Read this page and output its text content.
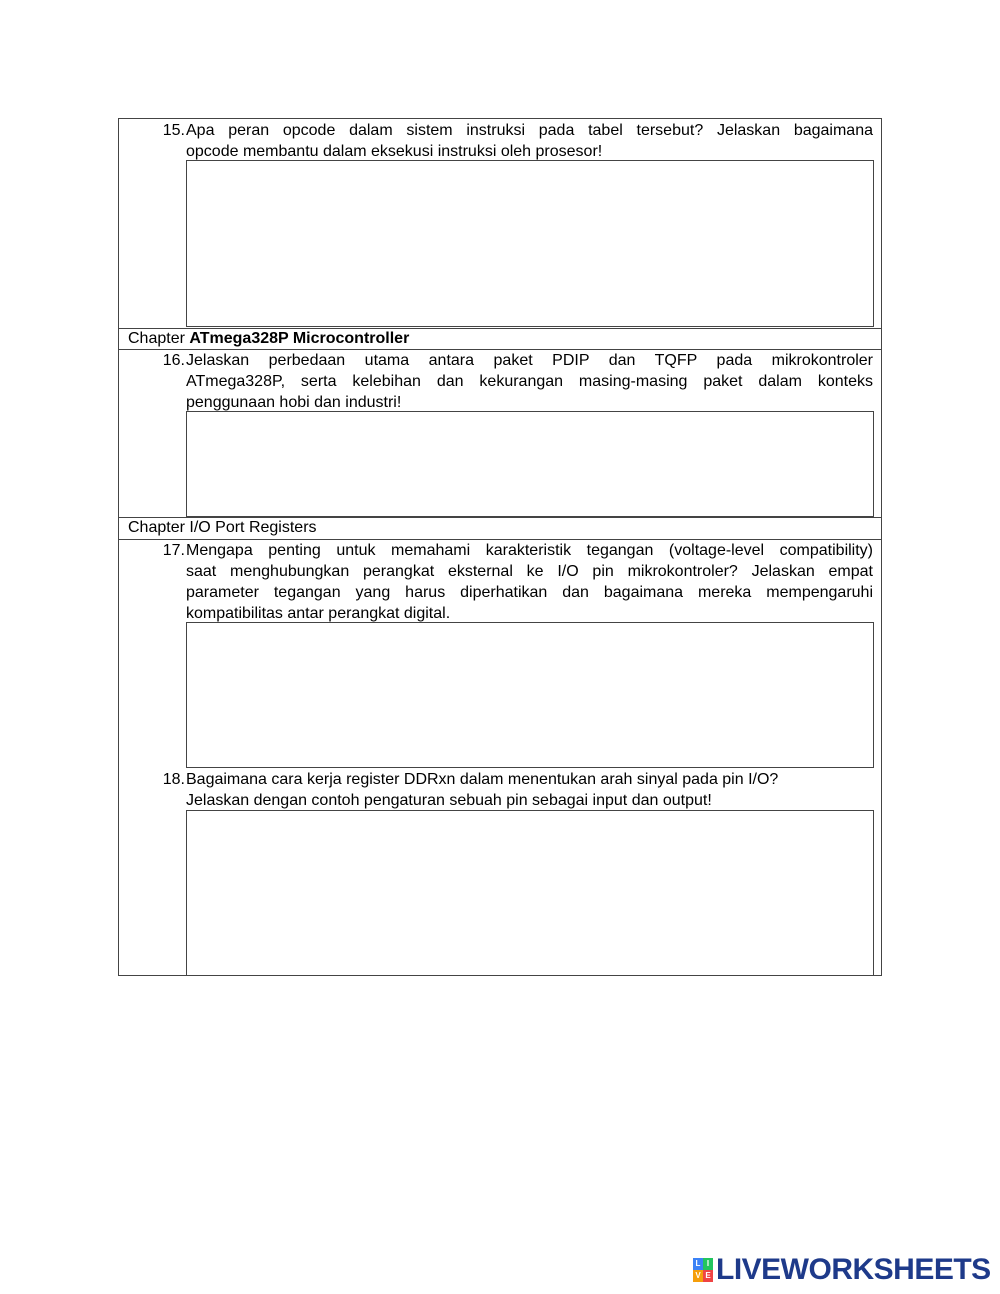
15. Apa peran opcode dalam sistem instruksi pada tabel tersebut? Jelaskan bagaimana
opcode membantu dalam eksekusi instruksi oleh prosesor!
Chapter ATmega328P Microcontroller
16. Jelaskan perbedaan utama antara paket PDIP dan TQFP pada mikrokontroler
ATmega328P, serta kelebihan dan kekurangan masing-masing paket dalam konteks
penggunaan hobi dan industri!
Chapter I/O Port Registers
17. Mengapa penting untuk memahami karakteristik tegangan (voltage-level compatibility)
saat menghubungkan perangkat eksternal ke I/O pin mikrokontroler? Jelaskan empat
parameter tegangan yang harus diperhatikan dan bagaimana mereka mempengaruhi
kompatibilitas antar perangkat digital.
18. Bagaimana cara kerja register DDRxn dalam menentukan arah sinyal pada pin I/O?
Jelaskan dengan contoh pengaturan sebuah pin sebagai input dan output!
L I
V E LIVEWORKSHEETS
